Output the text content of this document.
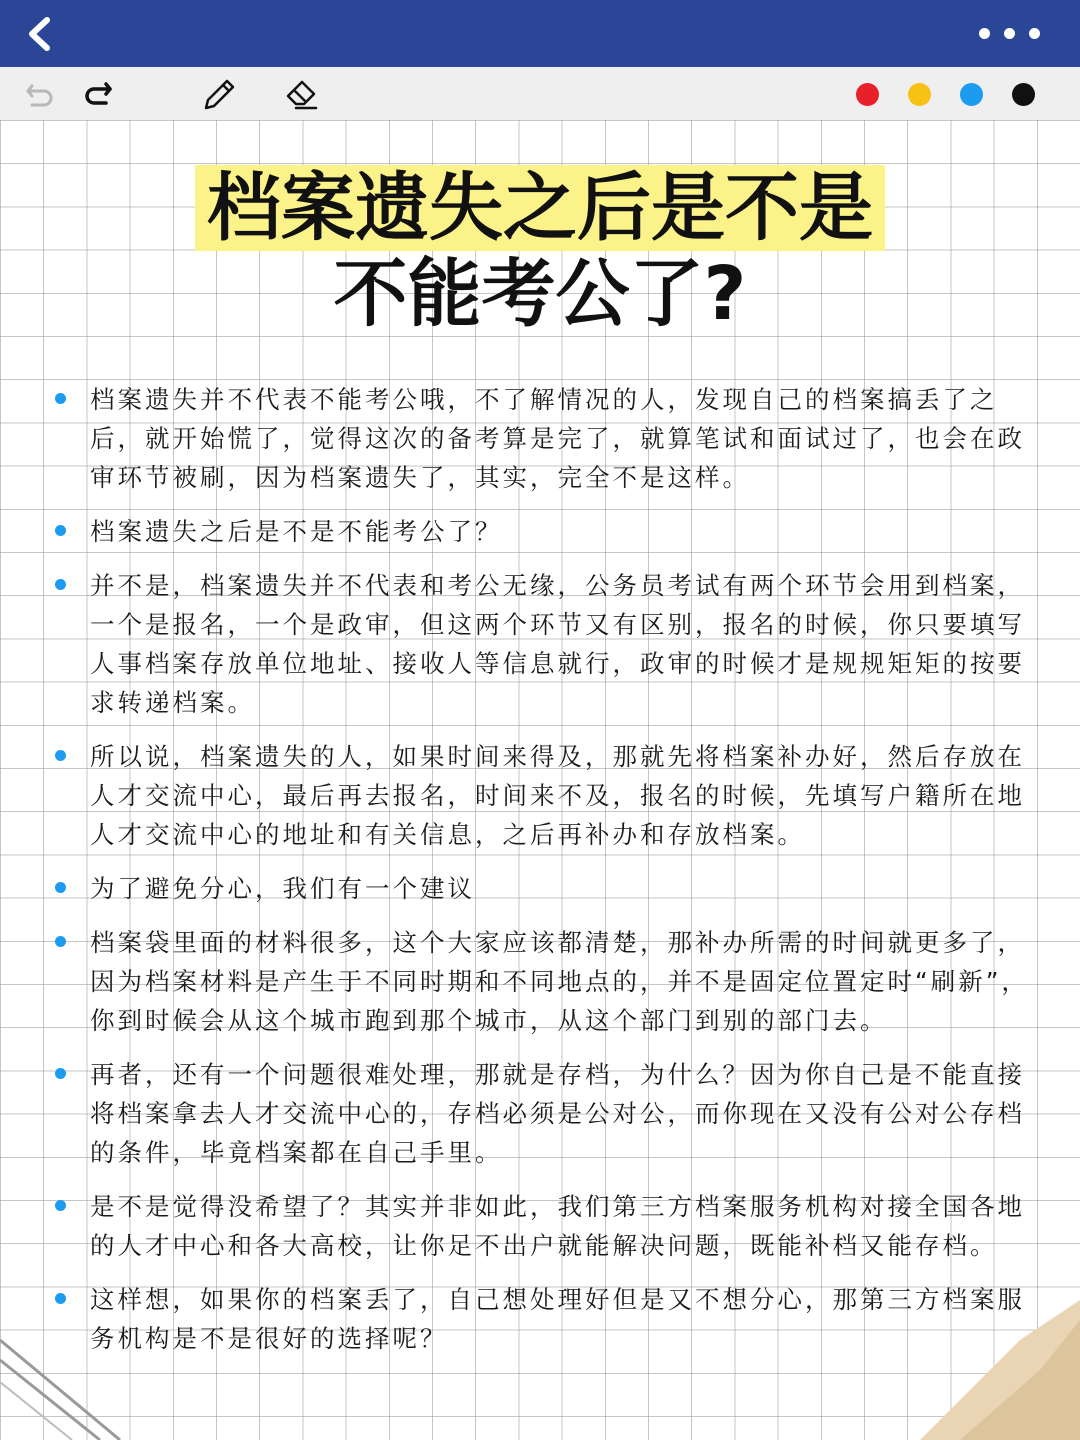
档案遗失之后是不是
不能考公了?
档案遗失并不代表不能考公哦，不了解情况的人，发现自己的档案搞丢了之后，就开始慌了，觉得这次的备考算是完了，就算笔试和面试过了，也会在政审环节被刷，因为档案遗失了，其实，完全不是这样。
档案遗失之后是不是不能考公了？
并不是，档案遗失并不代表和考公无缘，公务员考试有两个环节会用到档案，一个是报名，一个是政审，但这两个环节又有区别，报名的时候，你只要填写人事档案存放单位地址、接收人等信息就行，政审的时候才是规规矩矩的按要求转递档案。
所以说，档案遗失的人，如果时间来得及，那就先将档案补办好，然后存放在人才交流中心，最后再去报名，时间来不及，报名的时候，先填写户籍所在地人才交流中心的地址和有关信息，之后再补办和存放档案。
为了避免分心，我们有一个建议
档案袋里面的材料很多，这个大家应该都清楚，那补办所需的时间就更多了，因为档案材料是产生于不同时期和不同地点的，并不是固定位置定时“刷新”，你到时候会从这个城市跑到那个城市，从这个部门到别的部门去。
再者，还有一个问题很难处理，那就是存档，为什么？因为你自己是不能直接将档案拿去人才交流中心的，存档必须是公对公，而你现在又没有公对公存档的条件，毕竟档案都在自己手里。
是不是觉得没希望了？其实并非如此，我们第三方档案服务机构对接全国各地的人才中心和各大高校，让你足不出户就能解决问题，既能补档又能存档。
这样想，如果你的档案丢了，自己想处理好但是又不想分心，那第三方档案服务机构是不是很好的选择呢？
